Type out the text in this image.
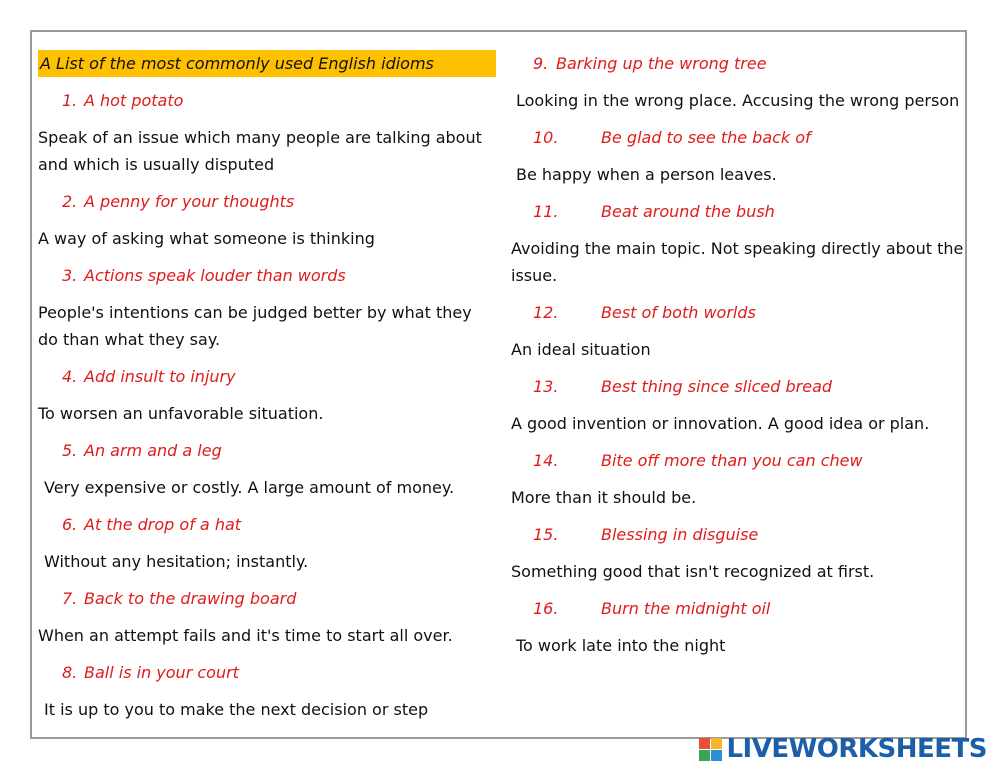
A List of the most commonly used English idioms
1. A hot potato
Speak of an issue which many people are talking about and which is usually disputed
2. A penny for your thoughts
A way of asking what someone is thinking
3. Actions speak louder than words
People's intentions can be judged better by what they do than what they say.
4. Add insult to injury
To worsen an unfavorable situation.
5. An arm and a leg
Very expensive or costly. A large amount of money.
6. At the drop of a hat
Without any hesitation; instantly.
7. Back to the drawing board
When an attempt fails and it's time to start all over.
8. Ball is in your court
It is up to you to make the next decision or step
9. Barking up the wrong tree
Looking in the wrong place. Accusing the wrong person
10.	Be glad to see the back of
Be happy when a person leaves.
11.	Beat around the bush
Avoiding the main topic. Not speaking directly about the issue.
12.	Best of both worlds
An ideal situation
13.	Best thing since sliced bread
A good invention or innovation. A good idea or plan.
14.	Bite off more than you can chew
More than it should be.
15.	Blessing in disguise
Something good that isn't recognized at first.
16.	Burn the midnight oil
To work late into the night
LIVEWORKSHEETS
